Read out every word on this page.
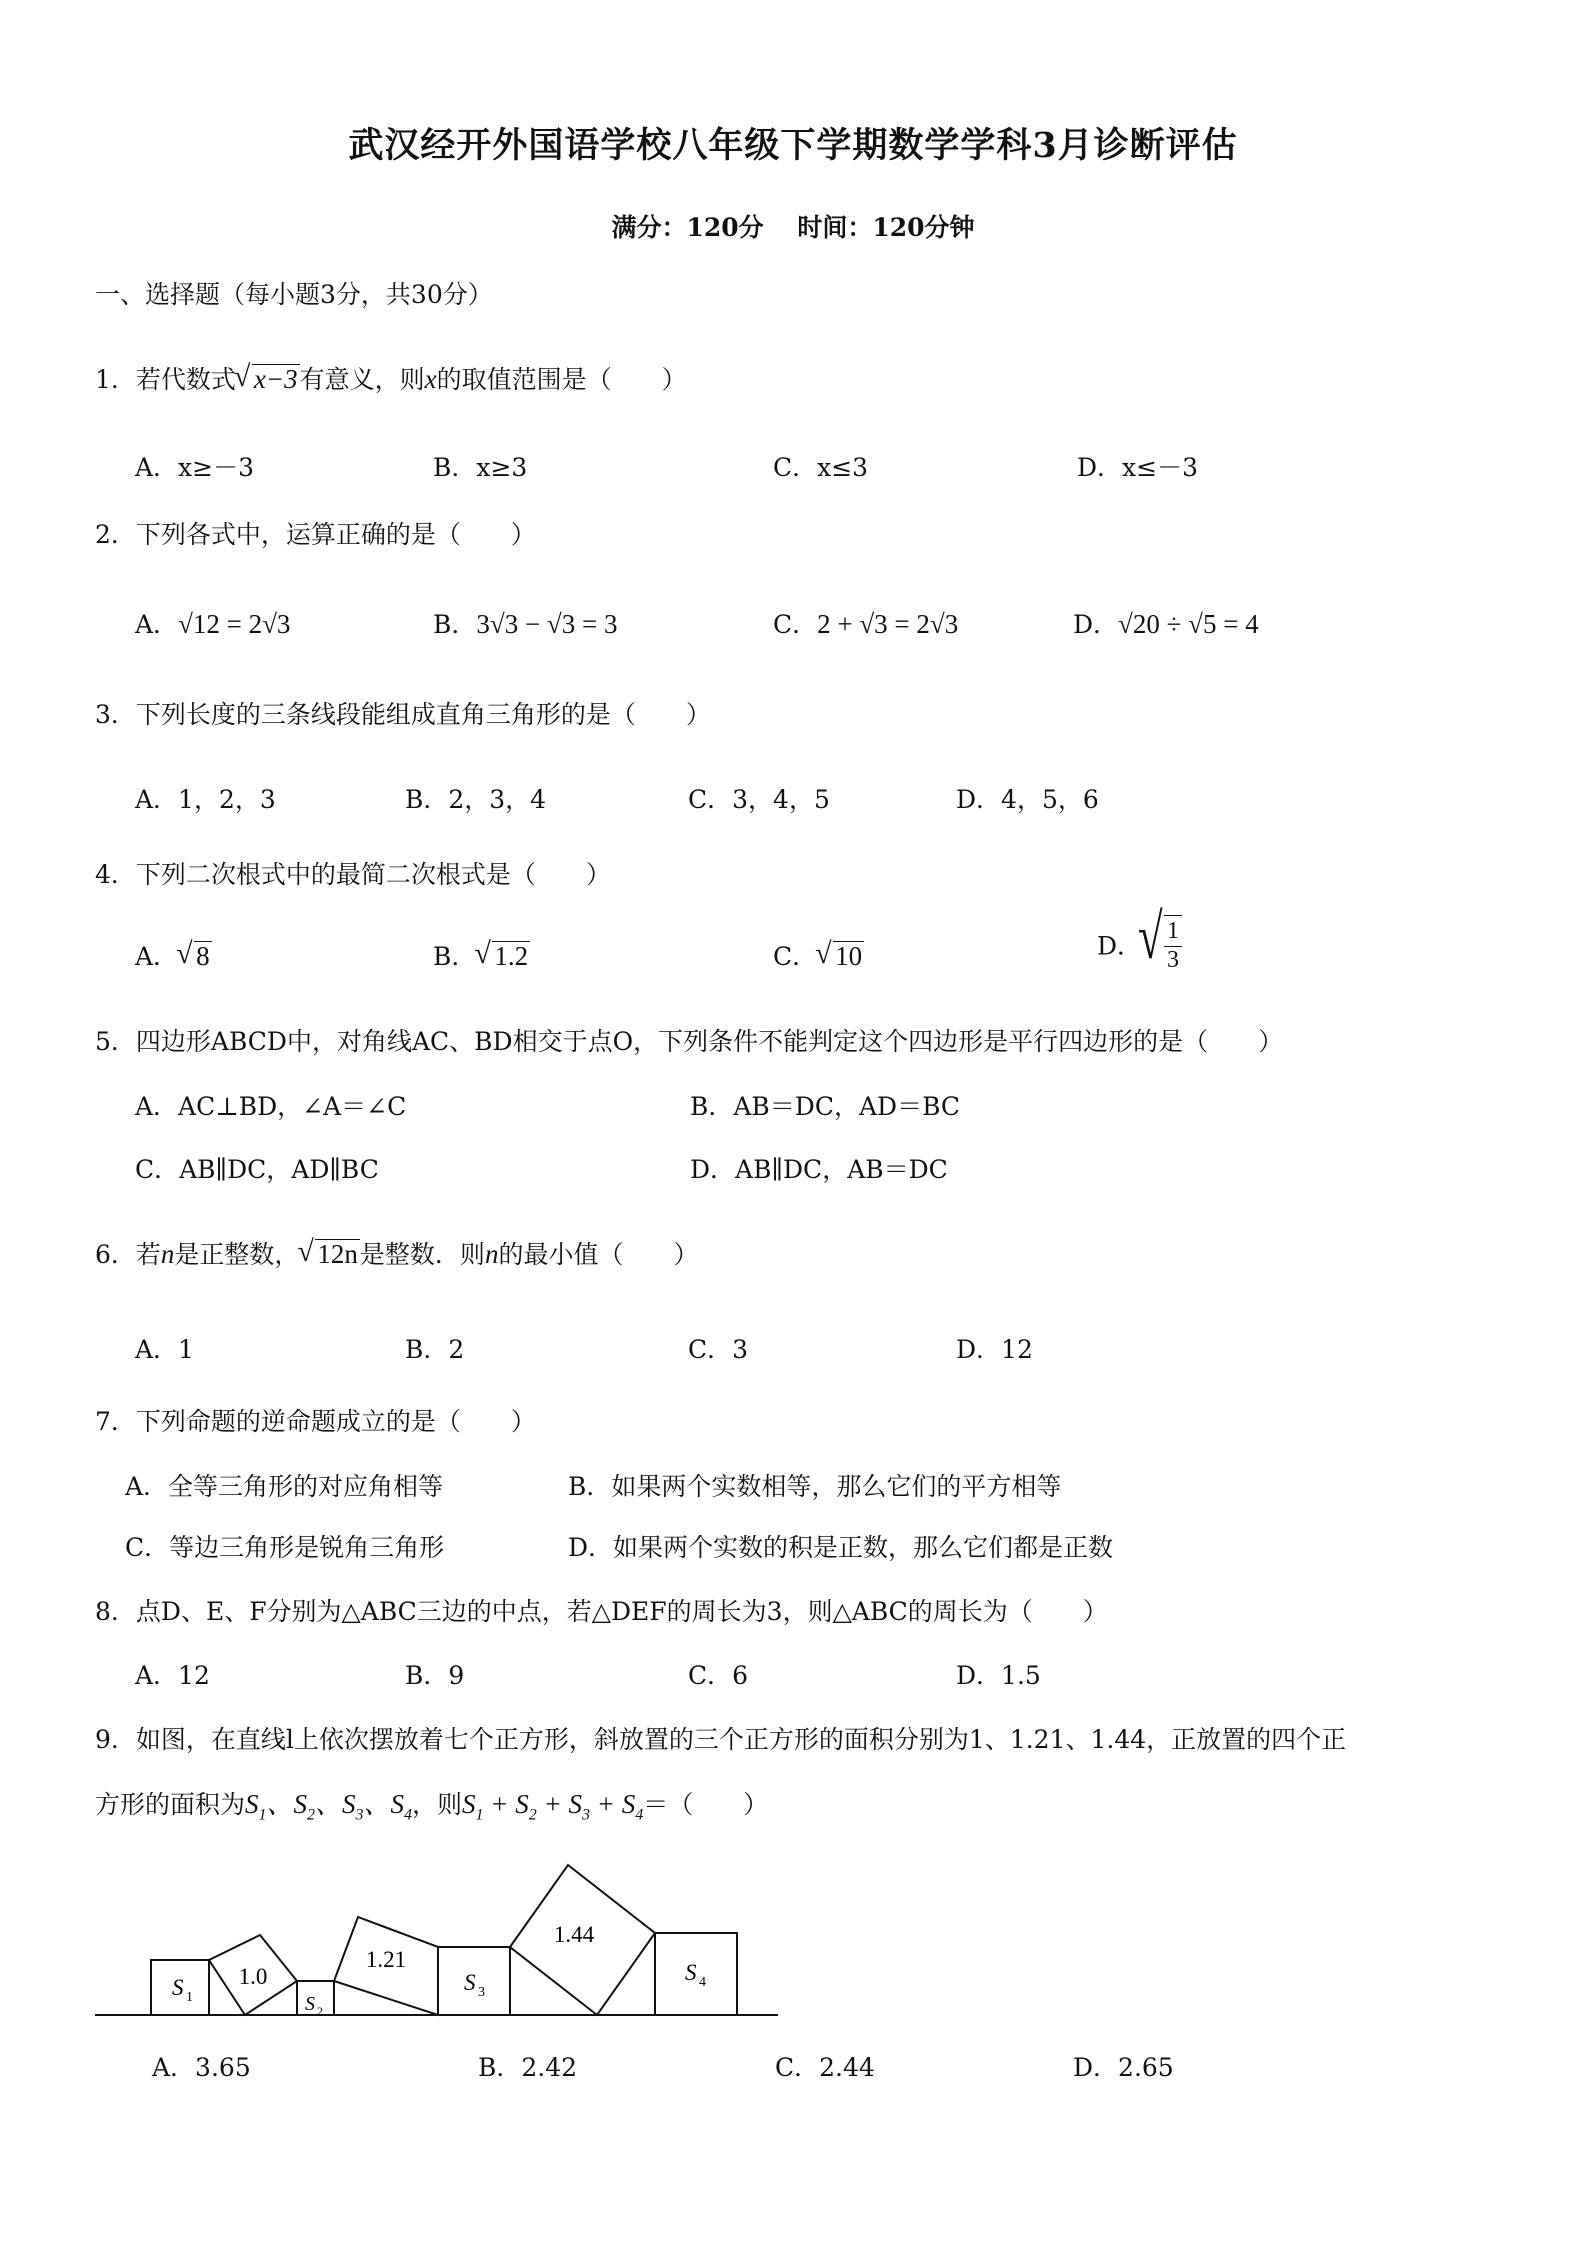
武汉经开外国语学校八年级下学期数学学科3月诊断评估
满分：120分　 时间：120分钟
一、选择题（每小题3分，共30分）
1．若代数式 √ x−3有意义，则x的取值范围是（　　）
A．x≥－3	B．x≥3	C．x≤3	D．x≤－3
2．下列各式中，运算正确的是（　　）
A．√12 = 2√3	B．3√3 − √3 = 3	C．2 + √3 = 2√3	D．√20 ÷ √5 = 4
3．下列长度的三条线段能组成直角三角形的是（　　）
A．1，2，3	B．2，3，4	C．3，4，5	D．4，5，6
4．下列二次根式中的最简二次根式是（　　）
A． √ 8	B． √ 1.2	C． √ 10	D． √ $\frac{1}{3}$
5．四边形ABCD中，对角线AC、BD相交于点O，下列条件不能判定这个四边形是平行四边形的是（　　）
A．AC⊥BD，∠A＝∠C	B．AB＝DC，AD＝BC
C．AB∥DC，AD∥BC	D．AB∥DC，AB＝DC
6．若n是正整数， √ 12n是整数．则n的最小值（　　）
A．1	B．2	C．3	D．12
7．下列命题的逆命题成立的是（　　）
A．全等三角形的对应角相等	B．如果两个实数相等，那么它们的平方相等
C．等边三角形是锐角三角形	D．如果两个实数的积是正数，那么它们都是正数
8．点D、E、F分别为△ABC三边的中点，若△DEF的周长为3，则△ABC的周长为（　　）
A．12	B．9	C．6	D．1.5
9．如图，在直线l上依次摆放着七个正方形，斜放置的三个正方形的面积分别为1、1.21、1.44，正放置的四个正
方形的面积为$S_1$、$S_2$、$S_3$、$S_4$，则$S_1 + S_2 + S_3 + S_4=$（　　）
1.0
1.21
1.44
S 1	S 2
S 3
S 4
A．3.65	B．2.42	C．2.44	D．2.65
